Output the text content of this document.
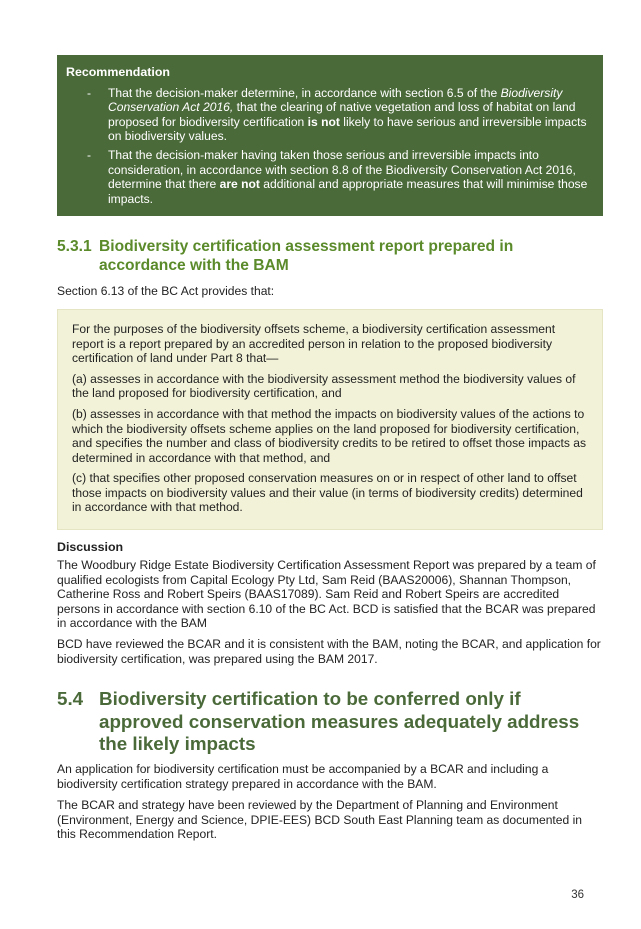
Recommendation
-	That the decision-maker determine, in accordance with section 6.5 of the Biodiversity Conservation Act 2016, that the clearing of native vegetation and loss of habitat on land proposed for biodiversity certification is not likely to have serious and irreversible impacts on biodiversity values.
-	That the decision-maker having taken those serious and irreversible impacts into consideration, in accordance with section 8.8 of the Biodiversity Conservation Act 2016, determine that there are not additional and appropriate measures that will minimise those impacts.
5.3.1 Biodiversity certification assessment report prepared in accordance with the BAM

Section 6.13 of the BC Act provides that:

For the purposes of the biodiversity offsets scheme, a biodiversity certification assessment report is a report prepared by an accredited person in relation to the proposed biodiversity certification of land under Part 8 that—

(a) assesses in accordance with the biodiversity assessment method the biodiversity values of the land proposed for biodiversity certification, and

(b) assesses in accordance with that method the impacts on biodiversity values of the actions to which the biodiversity offsets scheme applies on the land proposed for biodiversity certification, and specifies the number and class of biodiversity credits to be retired to offset those impacts as determined in accordance with that method, and

(c) that specifies other proposed conservation measures on or in respect of other land to offset those impacts on biodiversity values and their value (in terms of biodiversity credits) determined in accordance with that method.

Discussion

The Woodbury Ridge Estate Biodiversity Certification Assessment Report was prepared by a team of qualified ecologists from Capital Ecology Pty Ltd, Sam Reid (BAAS20006), Shannan Thompson, Catherine Ross and Robert Speirs (BAAS17089). Sam Reid and Robert Speirs are accredited persons in accordance with section 6.10 of the BC Act. BCD is satisfied that the BCAR was prepared in accordance with the BAM

BCD have reviewed the BCAR and it is consistent with the BAM, noting the BCAR, and application for biodiversity certification, was prepared using the BAM 2017.

5.4 Biodiversity certification to be conferred only if approved conservation measures adequately address the likely impacts

An application for biodiversity certification must be accompanied by a BCAR and including a biodiversity certification strategy prepared in accordance with the BAM.

The BCAR and strategy have been reviewed by the Department of Planning and Environment (Environment, Energy and Science, DPIE-EES) BCD South East Planning team as documented in this Recommendation Report.

36
